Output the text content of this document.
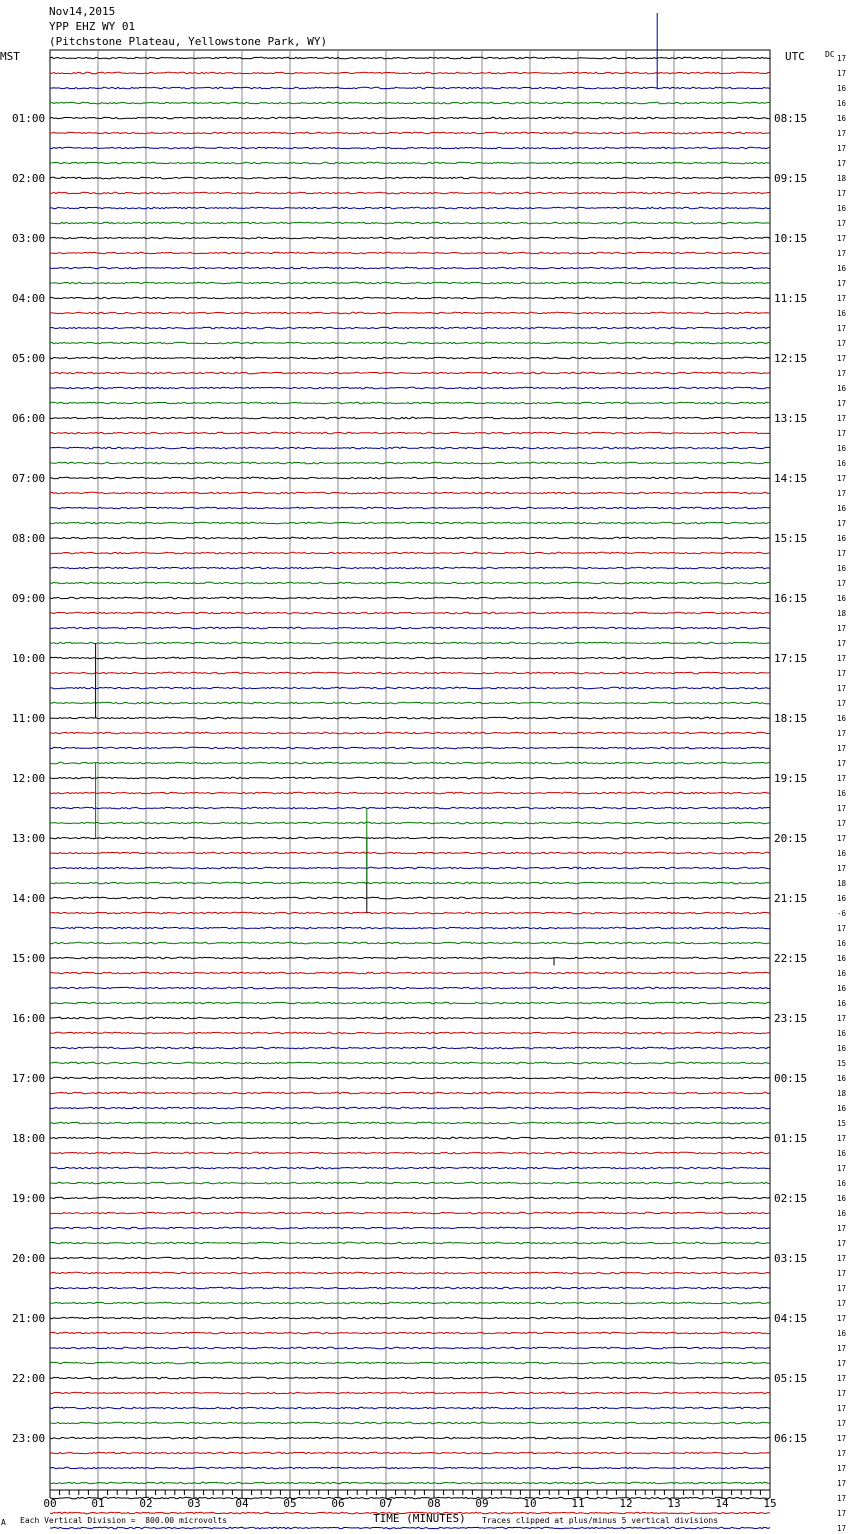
Nov14,2015
YPP EHZ WY 01
(Pitchstone Plateau, Yellowstone Park, WY)
MST	UTC	DC
01:00
02:00
03:00
04:00
05:00
06:00
07:00
08:00
09:00
10:00
11:00
12:00
13:00
14:00
15:00
16:00
17:00
18:00
19:00
20:00
21:00
22:00
23:00
08:15
09:15
10:15
11:15
12:15
13:15
14:15
15:15
16:15
17:15
18:15
19:15
20:15
21:15
22:15
23:15
00:15
01:15
02:15
03:15
04:15
05:15
06:15
17
17
16
16
16
17
17
17
18
17
16
17
17
17
16
17
17
16
17
17
17
17
16
17
17
17
16
16
17
17
16
17
16
17
16
17
16
18
17
17
17
17
17
17
16
17
17
17
17
16
17
17
17
16
17
18
16
-6
17
16
16
16
16
16
17
16
16
15
16
18
16
15
17
16
17
16
16
16
17
17
17
17
17
17
17
16
17
17
17
17
17
17
17
17
17
17
17
17
17
00	01	02	03	04	05	06	07	08	09	10	11	12	13	14	15
TIME (MINUTES)
A Each Vertical Division =  800.00 microvolts	Traces clipped at plus/minus 5 vertical divisions
